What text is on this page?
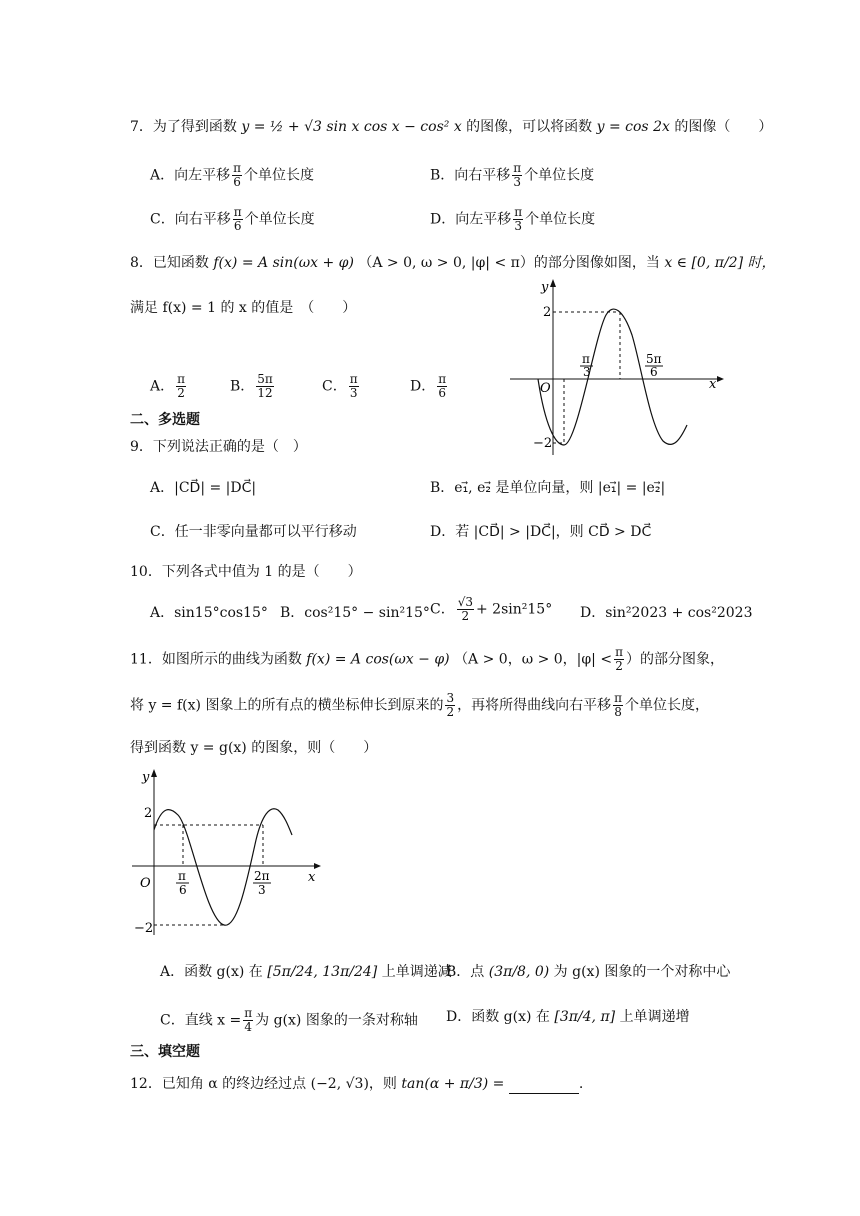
7．为了得到函数 y = ½ + √3 sin x cos x − cos² x 的图像，可以将函数 y = cos 2x 的图像（　　）
A．向左平移 $\frac{\pi}{6}$ 个单位长度	B．向右平移 $\frac{\pi}{3}$ 个单位长度
C．向右平移 $\frac{\pi}{6}$ 个单位长度	D．向左平移 $\frac{\pi}{3}$ 个单位长度
8．已知函数 f(x) = A sin(ωx + φ) （A > 0, ω > 0, |φ| < π）的部分图像如图，当 x ∈ [0, π/2] 时，
满足 f(x) = 1 的 x 的值是　（　　）
A． $\frac{\pi}{2}$	B． $\frac{5\pi}{12}$	C． $\frac{\pi}{3}$	D． $\frac{\pi}{6}$
y
x
O
2
−2
π
3
5π
6
二、多选题
9．下列说法正确的是（　）
A．|CD⃗| = |DC⃗|	B．e₁⃗, e₂⃗ 是单位向量，则 |e₁⃗| = |e₂⃗|
C．任一非零向量都可以平行移动	D．若 |CD⃗| > |DC⃗|，则 CD⃗ > DC⃗
10．下列各式中值为 1 的是（　　）
A．sin15°cos15° B．cos²15° − sin²15° C． $\frac{√3}{2} + 2\sin^215^\circ$ D．sin²2023 + cos²2023
11．如图所示的曲线为函数 f(x) = A cos(ωx − φ) （A > 0，ω > 0，$|\varphi| < \frac{\pi}{2}$ ）的部分图象，
将 y = f(x) 图象上的所有点的横坐标伸长到原来的 $\frac{3}{2}$ ，再将所得曲线向右平移 $\frac{\pi}{8}$ 个单位长度，
得到函数 y = g(x) 的图象，则（　　）
y
x
O
2
−2
π
6
2π
3
A．函数 g(x) 在 [5π/24, 13π/24] 上单调递减
B．点 (3π/8, 0) 为 g(x) 图象的一个对称中心
C．直线 $x = \frac{\pi}{4}$ 为 g(x) 图象的一条对称轴 D．函数 g(x) 在 [3π/4, π] 上单调递增
三、填空题
12．已知角 α 的终边经过点 (−2, √3)，则 tan(α + π/3) =	.
